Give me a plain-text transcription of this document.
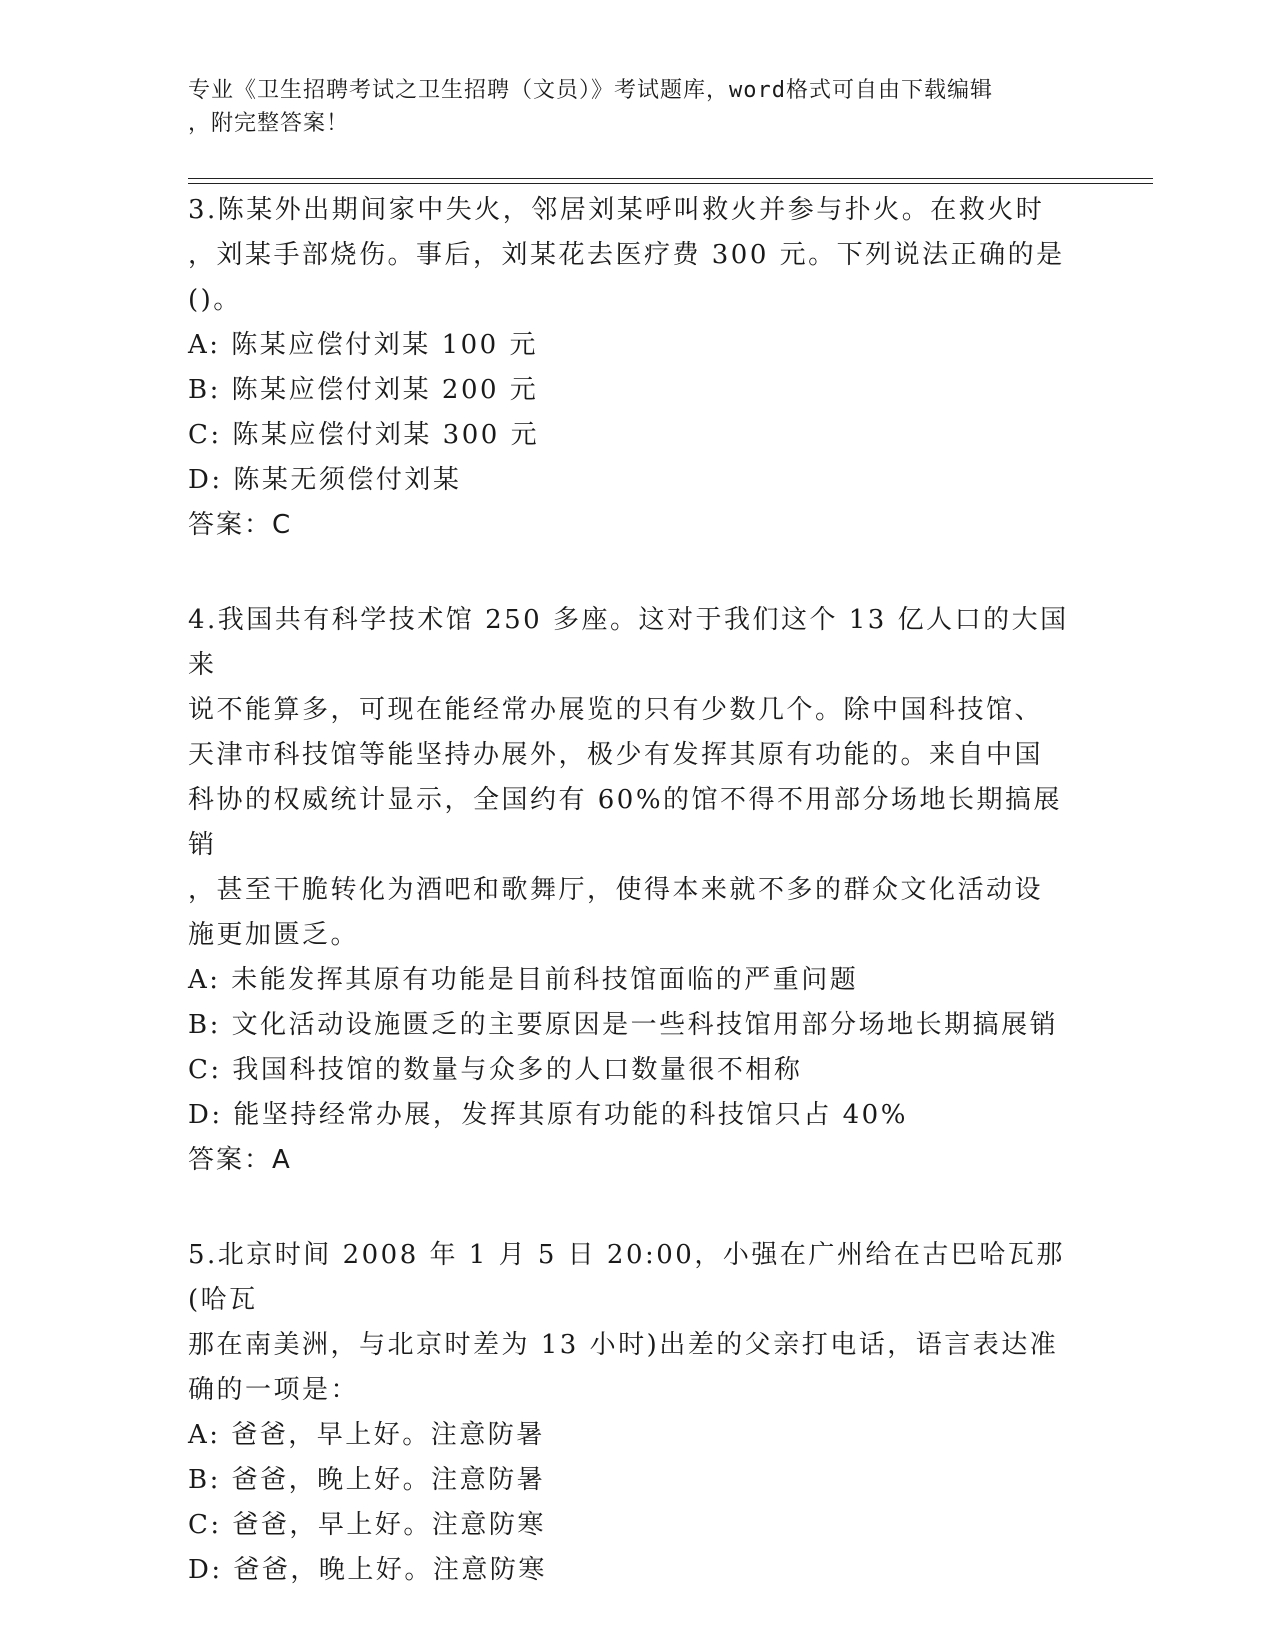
专业《卫生招聘考试之卫生招聘（文员）》考试题库，word格式可自由下载编辑
，附完整答案！
3.陈某外出期间家中失火，邻居刘某呼叫救火并参与扑火。在救火时
，刘某手部烧伤。事后，刘某花去医疗费 300 元。下列说法正确的是
()。
A: 陈某应偿付刘某 100 元
B: 陈某应偿付刘某 200 元
C: 陈某应偿付刘某 300 元
D: 陈某无须偿付刘某
答案：C
4.我国共有科学技术馆 250 多座。这对于我们这个 13 亿人口的大国来
说不能算多，可现在能经常办展览的只有少数几个。除中国科技馆、
天津市科技馆等能坚持办展外，极少有发挥其原有功能的。来自中国
科协的权威统计显示，全国约有 60%的馆不得不用部分场地长期搞展销
，甚至干脆转化为酒吧和歌舞厅，使得本来就不多的群众文化活动设
施更加匮乏。
A: 未能发挥其原有功能是目前科技馆面临的严重问题
B: 文化活动设施匮乏的主要原因是一些科技馆用部分场地长期搞展销
C: 我国科技馆的数量与众多的人口数量很不相称
D: 能坚持经常办展，发挥其原有功能的科技馆只占 40%
答案：A
5.北京时间 2008 年 1 月 5 日 20:00，小强在广州给在古巴哈瓦那(哈瓦
那在南美洲，与北京时差为 13 小时)出差的父亲打电话，语言表达准
确的一项是：
A: 爸爸，早上好。注意防暑
B: 爸爸，晚上好。注意防暑
C: 爸爸，早上好。注意防寒
D: 爸爸，晚上好。注意防寒
